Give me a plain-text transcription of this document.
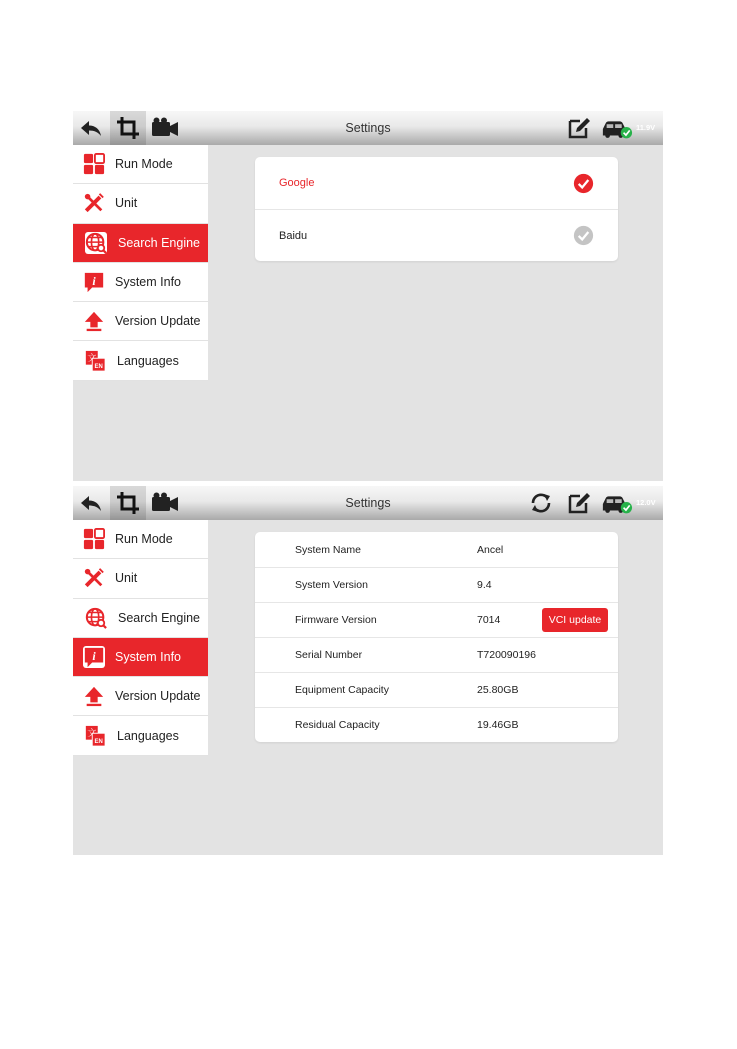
Settings	11.9V
Run Mode
Unit
Search Engine
System Info
Version Update
Languages
Google
Baidu
Settings	12.0V
Run Mode
Unit
Search Engine
System Info
Version Update
Languages
System Name	Ancel
System Version	9.4
Firmware Version	7014	VCI update
Serial Number	T720090196
Equipment Capacity	25.80GB
Residual Capacity	19.46GB
